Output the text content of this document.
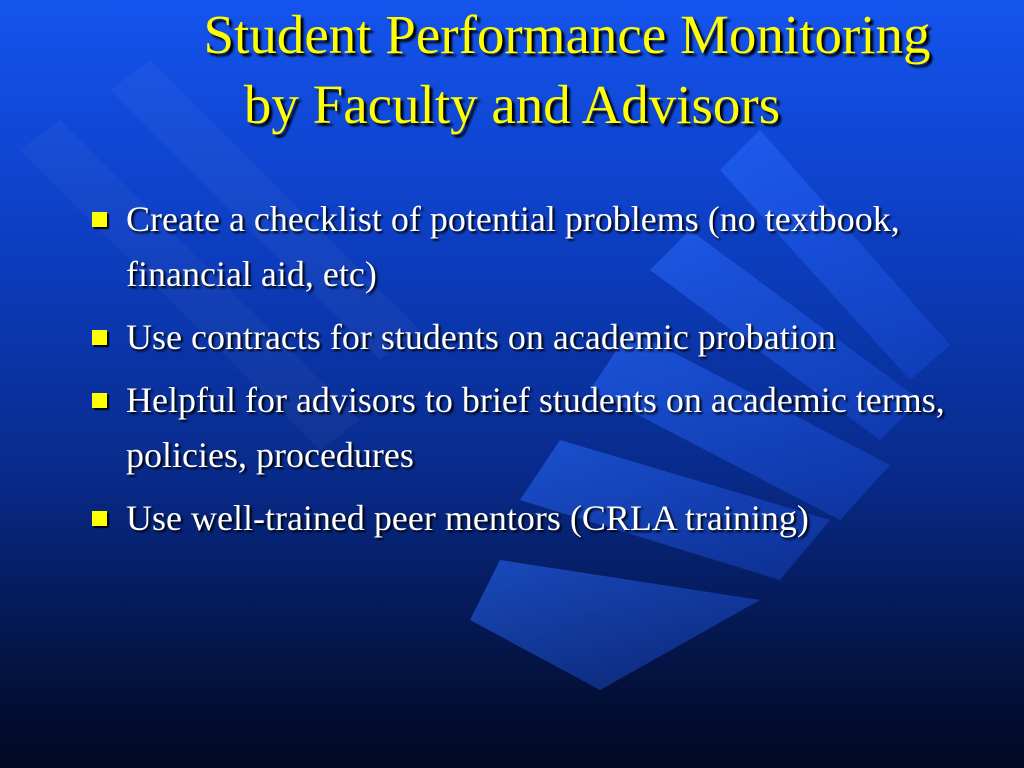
Student Performance Monitoring
by Faculty and Advisors
Create a checklist of potential problems (no textbook, financial aid, etc)
Use contracts for students on academic probation
Helpful for advisors to brief students on academic terms, policies, procedures
Use well-trained peer mentors (CRLA training)
